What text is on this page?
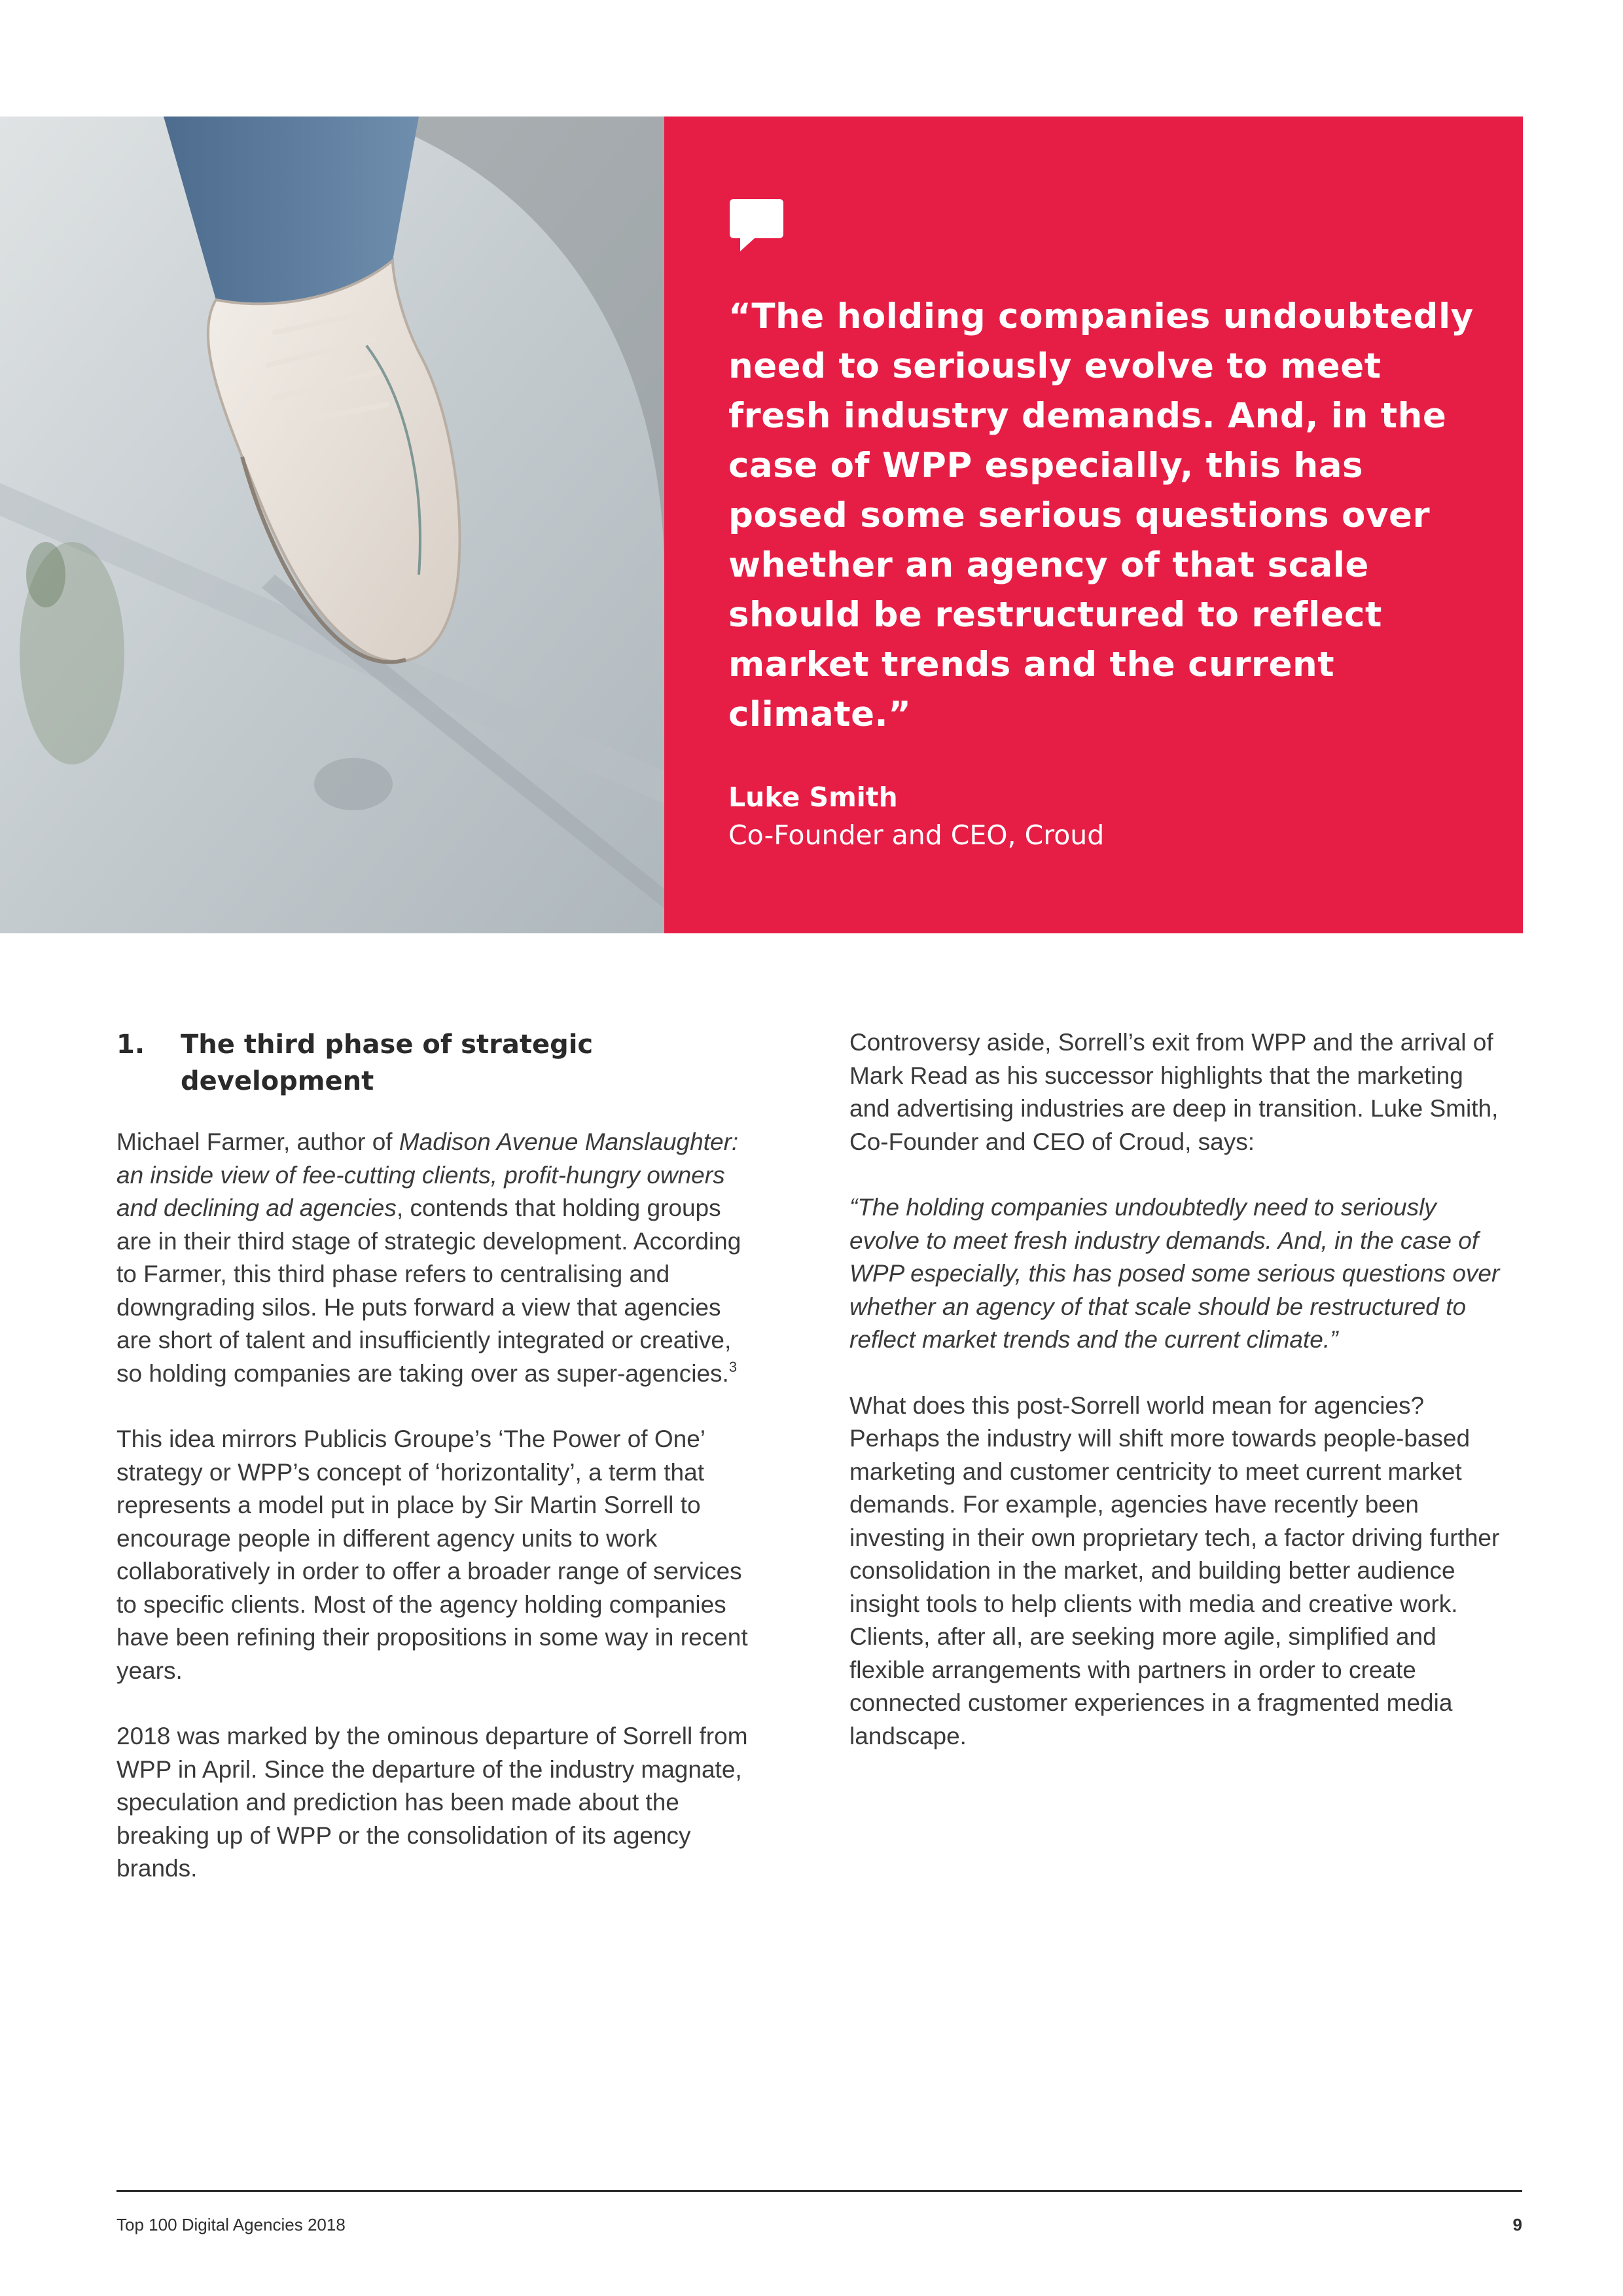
“The holding companies undoubtedly need to seriously evolve to meet fresh industry demands. And, in the case of WPP especially, this has posed some serious questions over whether an agency of that scale should be restructured to reflect market trends and the current climate.”

Luke Smith

Co-Founder and CEO, Croud

1. The third phase of strategic development

Michael Farmer, author of Madison Avenue Manslaughter: an inside view of fee-cutting clients, profit-hungry owners and declining ad agencies, contends that holding groups are in their third stage of strategic development. According to Farmer, this third phase refers to centralising and downgrading silos. He puts forward a view that agencies are short of talent and insufficiently integrated or creative, so holding companies are taking over as super-agencies.$^3$

This idea mirrors Publicis Groupe’s ‘The Power of One’ strategy or WPP’s concept of ‘horizontality’, a term that represents a model put in place by Sir Martin Sorrell to encourage people in different agency units to work collaboratively in order to offer a broader range of services to specific clients. Most of the agency holding companies have been refining their propositions in some way in recent years.

2018 was marked by the ominous departure of Sorrell from WPP in April. Since the departure of the industry magnate, speculation and prediction has been made about the breaking up of WPP or the consolidation of its agency brands.

Controversy aside, Sorrell’s exit from WPP and the arrival of Mark Read as his successor highlights that the marketing and advertising industries are deep in transition. Luke Smith, Co-Founder and CEO of Croud, says:

“The holding companies undoubtedly need to seriously evolve to meet fresh industry demands. And, in the case of WPP especially, this has posed some serious questions over whether an agency of that scale should be restructured to reflect market trends and the current climate.”

What does this post-Sorrell world mean for agencies? Perhaps the industry will shift more towards people-based marketing and customer centricity to meet current market demands. For example, agencies have recently been investing in their own proprietary tech, a factor driving further consolidation in the market, and building better audience insight tools to help clients with media and creative work. Clients, after all, are seeking more agile, simplified and flexible arrangements with partners in order to create connected customer experiences in a fragmented media landscape.

Top 100 Digital Agencies 2018	9
